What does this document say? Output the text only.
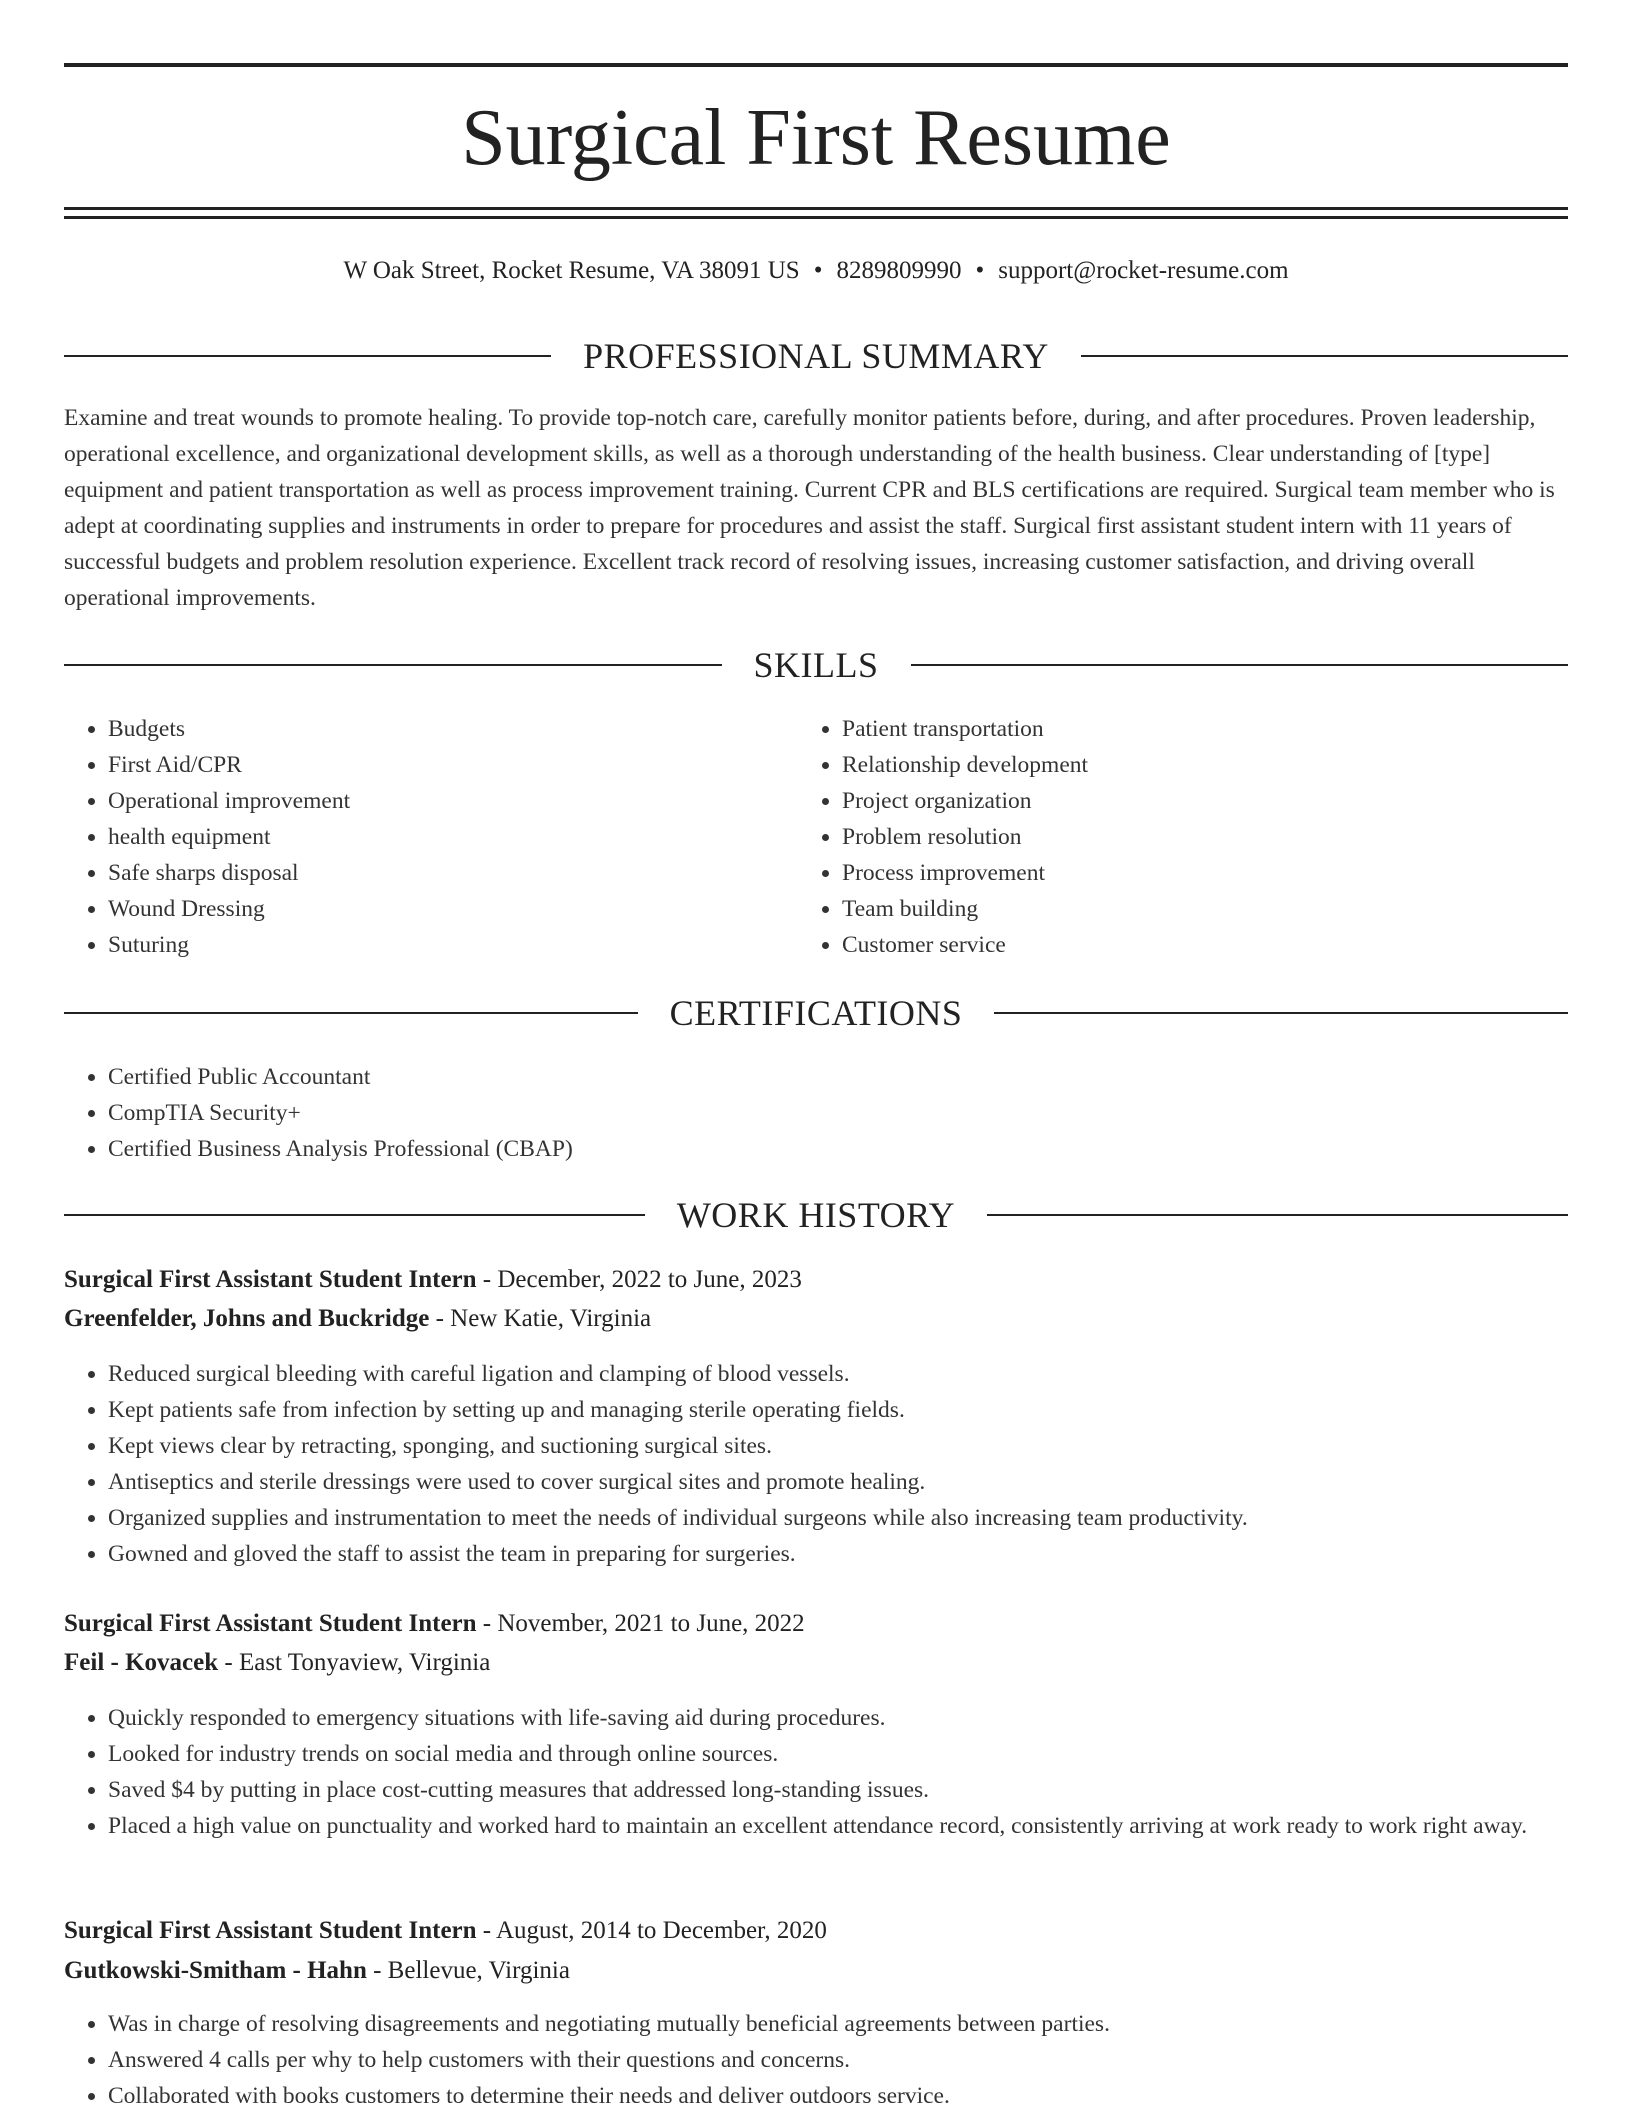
Surgical First Resume
W Oak Street, Rocket Resume, VA 38091 US • 8289809990 • support@rocket-resume.com
PROFESSIONAL SUMMARY

Examine and treat wounds to promote healing. To provide top-notch care, carefully monitor patients before, during, and after procedures. Proven leadership, operational excellence, and organizational development skills, as well as a thorough understanding of the health business. Clear understanding of [type] equipment and patient transportation as well as process improvement training. Current CPR and BLS certifications are required. Surgical team member who is adept at coordinating supplies and instruments in order to prepare for procedures and assist the staff. Surgical first assistant student intern with 11 years of successful budgets and problem resolution experience. Excellent track record of resolving issues, increasing customer satisfaction, and driving overall operational improvements.

SKILLS
• Budgets
• First Aid/CPR
• Operational improvement
• health equipment
• Safe sharps disposal
• Wound Dressing
• Suturing
• Patient transportation
• Relationship development
• Project organization
• Problem resolution
• Process improvement
• Team building
• Customer service
CERTIFICATIONS
• Certified Public Accountant
• CompTIA Security+
• Certified Business Analysis Professional (CBAP)
WORK HISTORY
Surgical First Assistant Student Intern - December, 2022 to June, 2023
Greenfelder, Johns and Buckridge - New Katie, Virginia
• Reduced surgical bleeding with careful ligation and clamping of blood vessels.
• Kept patients safe from infection by setting up and managing sterile operating fields.
• Kept views clear by retracting, sponging, and suctioning surgical sites.
• Antiseptics and sterile dressings were used to cover surgical sites and promote healing.
• Organized supplies and instrumentation to meet the needs of individual surgeons while also increasing team productivity.
• Gowned and gloved the staff to assist the team in preparing for surgeries.
Surgical First Assistant Student Intern - November, 2021 to June, 2022
Feil - Kovacek - East Tonyaview, Virginia
• Quickly responded to emergency situations with life-saving aid during procedures.
• Looked for industry trends on social media and through online sources.
• Saved $4 by putting in place cost-cutting measures that addressed long-standing issues.
• Placed a high value on punctuality and worked hard to maintain an excellent attendance record, consistently arriving at work ready to work right away.
Surgical First Assistant Student Intern - August, 2014 to December, 2020
Gutkowski-Smitham - Hahn - Bellevue, Virginia
• Was in charge of resolving disagreements and negotiating mutually beneficial agreements between parties.
• Answered 4 calls per why to help customers with their questions and concerns.
• Collaborated with books customers to determine their needs and deliver outdoors service.
